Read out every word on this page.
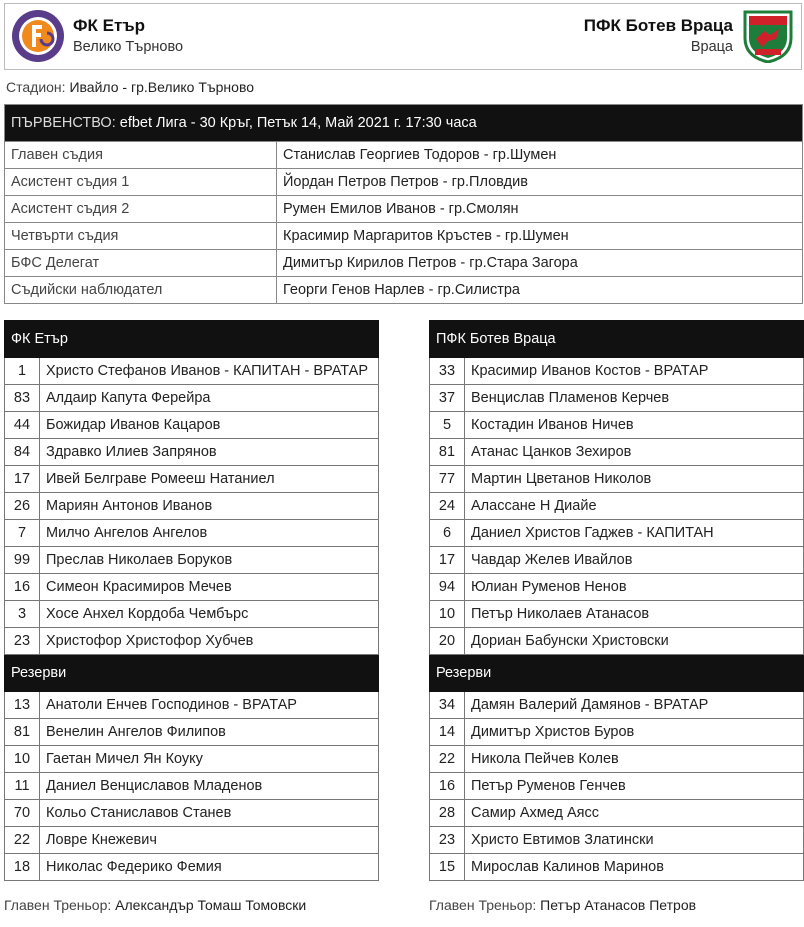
ФК Етър
Велико Търново
ПФК Ботев Враца
Враца
Стадион: Ивайло - гр.Велико Търново
ПЪРВЕНСТВО: efbet Лига - 30 Кръг, Петък 14, Май 2021 г. 17:30 часа	
Главен съдия	Станислав Георгиев Тодоров - гр.Шумен
Асистент съдия 1	Йордан Петров Петров - гр.Пловдив
Асистент съдия 2	Румен Емилов Иванов - гр.Смолян
Четвърти съдия	Красимир Маргаритов Кръстев - гр.Шумен
БФС Делегат	Димитър Кирилов Петров - гр.Стара Загора
Съдийски наблюдател	Георги Генов Нарлев - гр.Силистра
ФК Етър	
1	Христо Стефанов Иванов - КАПИТАН - ВРАТАР
83	Алдаир Капута Ферейра
44	Божидар Иванов Кацаров
84	Здравко Илиев Запрянов
17	Ивей Белграве Ромееш Натаниел
26	Мариян Антонов Иванов
7	Милчо Ангелов Ангелов
99	Преслав Николаев Боруков
16	Симеон Красимиров Мечев
3	Хосе Анхел Кордоба Чембърс
23	Христофор Христофор Хубчев
Резерви	
13	Анатоли Енчев Господинов - ВРАТАР
81	Венелин Ангелов Филипов
10	Гаетан Мичел Ян Коуку
11	Даниел Венциславов Младенов
70	Кольо Станиславов Станев
22	Ловре Кнежевич
18	Николас Федерико Фемия
ПФК Ботев Враца	
33	Красимир Иванов Костов - ВРАТАР
37	Венцислав Пламенов Керчев
5	Костадин Иванов Ничев
81	Атанас Цанков Зехиров
77	Мартин Цветанов Николов
24	Алассане Н Диайе
6	Даниел Христов Гаджев - КАПИТАН
17	Чавдар Желев Ивайлов
94	Юлиан Руменов Ненов
10	Петър Николаев Атанасов
20	Дориан Бабунски Христовски
Резерви	
34	Дамян Валерий Дамянов - ВРАТАР
14	Димитър Христов Буров
22	Никола Пейчев Колев
16	Петър Руменов Генчев
28	Самир Ахмед Аясс
23	Христо Евтимов Златински
15	Мирослав Калинов Маринов
Главен Треньор: Александър Томаш Томовски	Главен Треньор: Петър Атанасов Петров
